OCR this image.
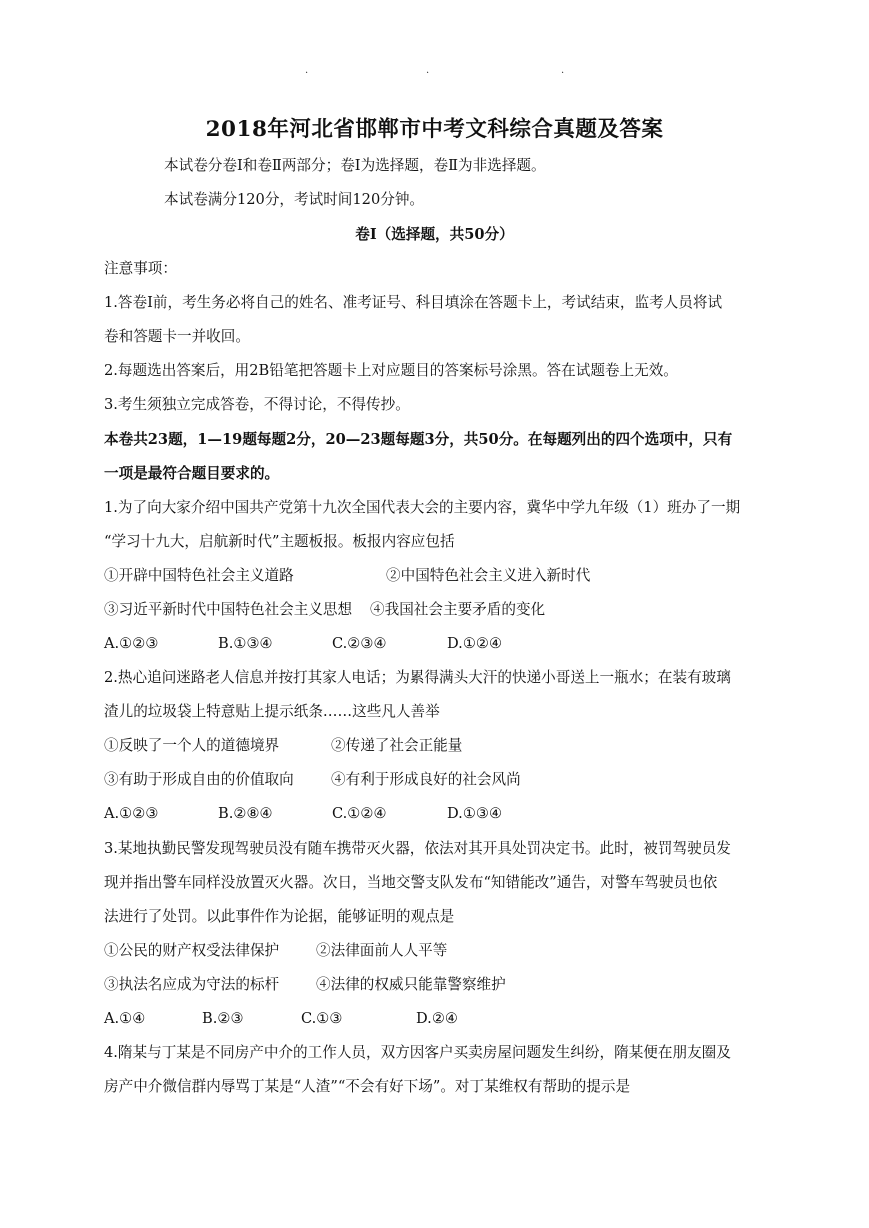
.	.	.
2018年河北省邯郸市中考文科综合真题及答案
本试卷分卷Ⅰ和卷Ⅱ两部分；卷Ⅰ为选择题，卷Ⅱ为非选择题。
本试卷满分120分，考试时间120分钟。
卷Ⅰ（选择题，共50分）
注意事项：
1.答卷Ⅰ前，考生务必将自己的姓名、准考证号、科目填涂在答题卡上，考试结束，监考人员将试
卷和答题卡一并收回。
2.每题选出答案后，用2B铅笔把答题卡上对应题目的答案标号涂黑。答在试题卷上无效。
3.考生须独立完成答卷，不得讨论，不得传抄。
本卷共23题，1—19题每题2分，20—23题每题3分，共50分。在每题列出的四个选项中，只有
一项是最符合题目要求的。
1.为了向大家介绍中国共产党第十九次全国代表大会的主要内容，冀华中学九年级（1）班办了一期
“学习十九大，启航新时代”主题板报。板报内容应包括
①开辟中国特色社会主义道路	②中国特色社会主义进入新时代
③习近平新时代中国特色社会主义思想 ④我国社会主要矛盾的变化
A.①②③	B.①③④	C.②③④	D.①②④
2.热心追问迷路老人信息并按打其家人电话；为累得满头大汗的快递小哥送上一瓶水；在装有玻璃
渣儿的垃圾袋上特意贴上提示纸条……这些凡人善举
①反映了一个人的道德境界	②传递了社会正能量
③有助于形成自由的价值取向	④有利于形成良好的社会风尚
A.①②③	B.②⑧④	C.①②④	D.①③④
3.某地执勤民警发现驾驶员没有随车携带灭火器，依法对其开具处罚决定书。此时，被罚驾驶员发
现并指出警车同样没放置灭火器。次日，当地交警支队发布“知错能改”通告，对警车驾驶员也依
法进行了处罚。以此事件作为论据，能够证明的观点是
①公民的财产权受法律保护	②法律面前人人平等
③执法名应成为守法的标杆	④法律的权威只能靠警察维护
A.①④	B.②③	C.①③	D.②④
4.隋某与丁某是不同房产中介的工作人员，双方因客户买卖房屋问题发生纠纷，隋某便在朋友圈及
房产中介微信群内辱骂丁某是“人渣”“不会有好下场”。对丁某维权有帮助的提示是
